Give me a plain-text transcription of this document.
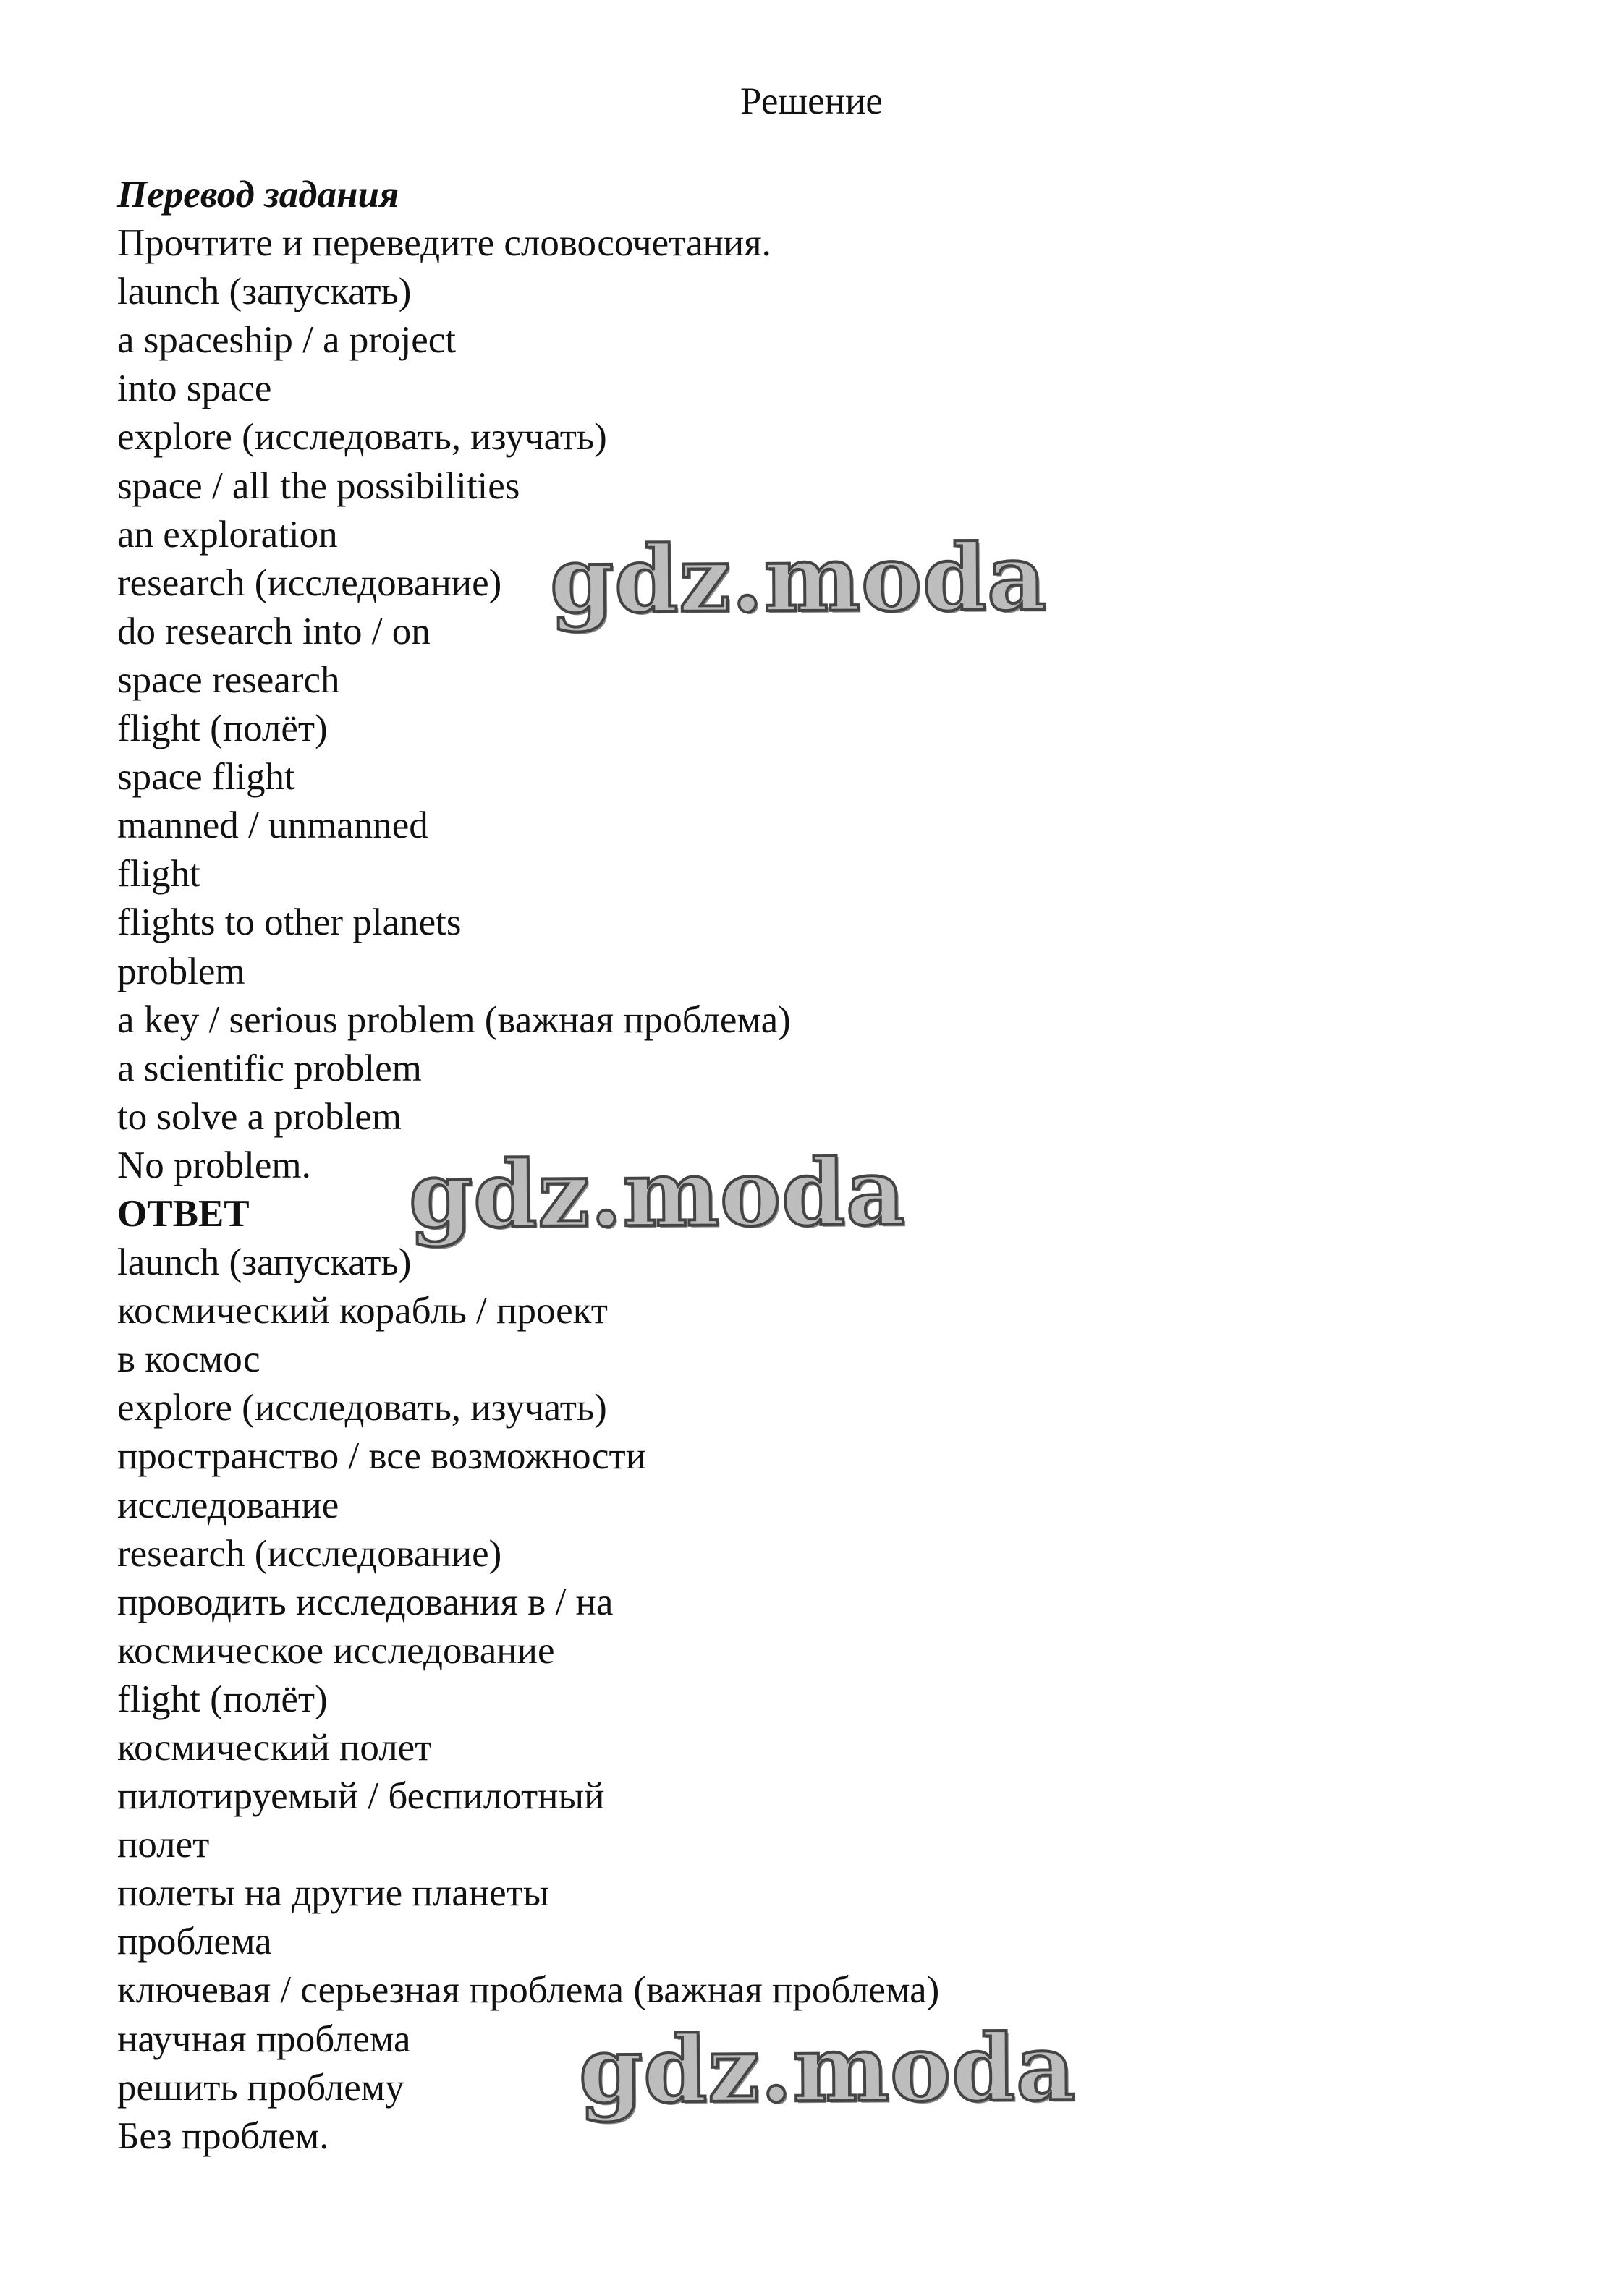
Решение
Перевод задания
Прочтите и переведите словосочетания.
launch (запускать)
a spaceship / a project
into space
explore (исследовать, изучать)
space / all the possibilities
an exploration
research (исследование)
do research into / on
space research
flight (полёт)
space flight
manned / unmanned
flight
flights to other planets
problem
a key / serious problem (важная проблема)
a scientific problem
to solve a problem
No problem.
ОТВЕТ
launch (запускать)
космический корабль / проект
в космос
explore (исследовать, изучать)
пространство / все возможности
исследование
research (исследование)
проводить исследования в / на
космическое исследование
flight (полёт)
космический полет
пилотируемый / беспилотный
полет
полеты на другие планеты
проблема
ключевая / серьезная проблема (важная проблема)
научная проблема
решить проблему
Без проблем.
gdz.moda
gdz.moda
gdz.moda
